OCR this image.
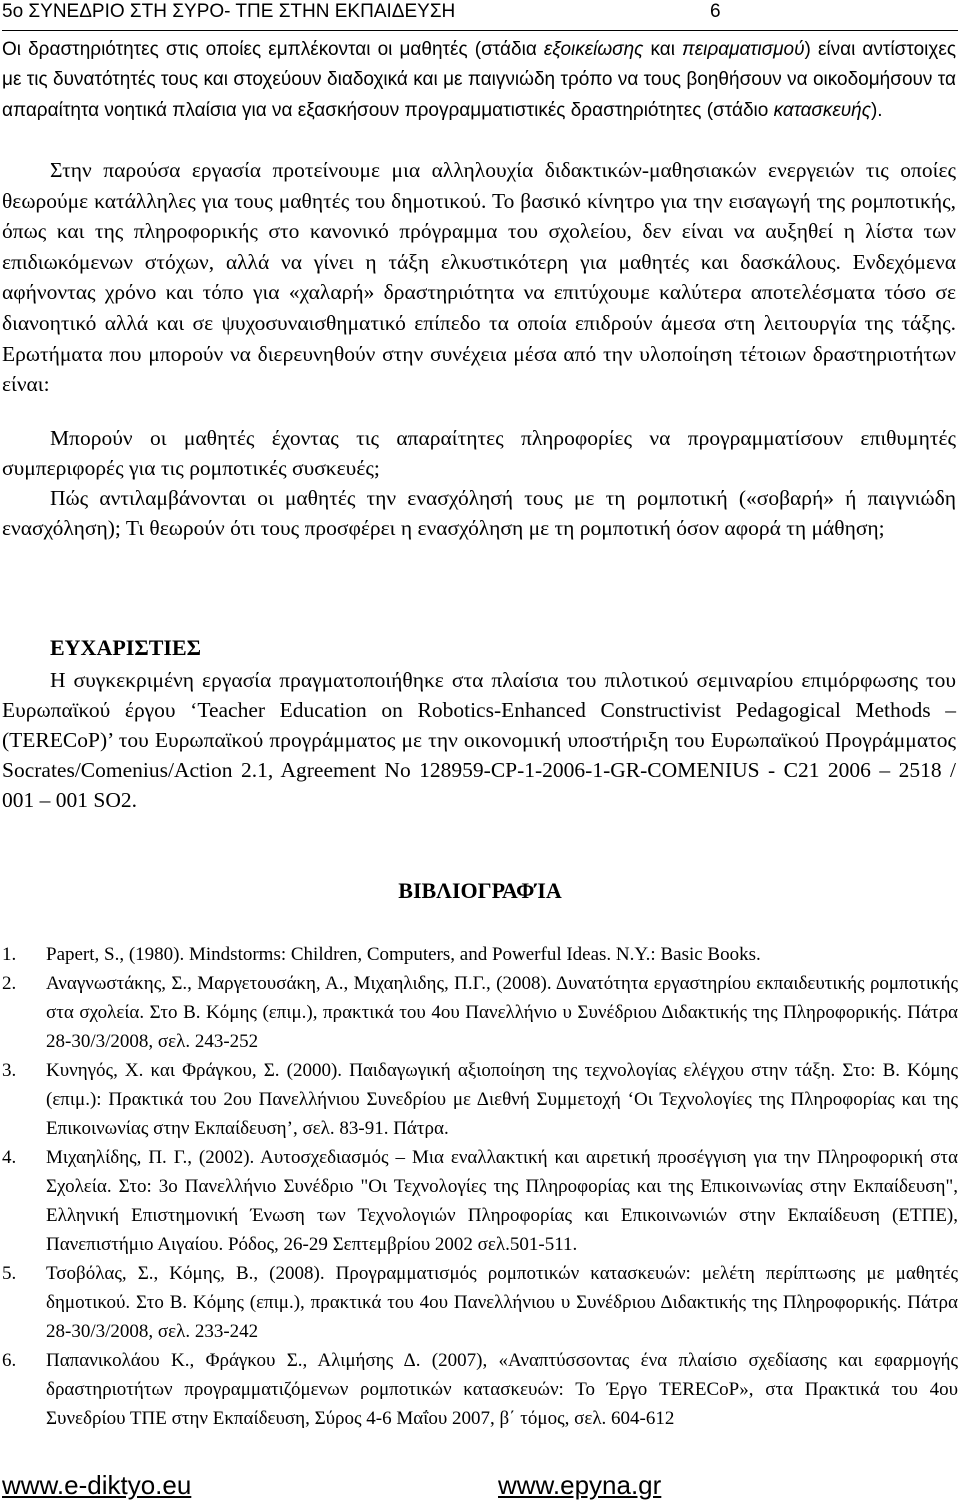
5ο ΣΥΝΕΔΡΙΟ ΣΤΗ ΣΥΡΟ- ΤΠΕ ΣΤΗΝ ΕΚΠΑΙΔΕΥΣΗ	6
Οι δραστηριότητες στις οποίες εμπλέκονται οι μαθητές (στάδια εξοικείωσης και πειραματισμού) είναι αντίστοιχες με τις δυνατότητές τους και στοχεύουν διαδοχικά και με παιγνιώδη τρόπο να τους βοηθήσουν να οικοδομήσουν τα απαραίτητα νοητικά πλαίσια για να εξασκήσουν προγραμματιστικές δραστηριότητες (στάδιο κατασκευής).
Στην παρούσα εργασία προτείνουμε μια αλληλουχία διδακτικών-μαθησιακών ενεργειών τις οποίες θεωρούμε κατάλληλες για τους μαθητές του δημοτικού. Το βασικό κίνητρο για την εισαγωγή της ρομποτικής, όπως και της πληροφορικής στο κανονικό πρόγραμμα του σχολείου, δεν είναι να αυξηθεί η λίστα των επιδιωκόμενων στόχων, αλλά να γίνει η τάξη ελκυστικότερη για μαθητές και δασκάλους. Ενδεχόμενα αφήνοντας χρόνο και τόπο για «χαλαρή» δραστηριότητα να επιτύχουμε καλύτερα αποτελέσματα τόσο σε διανοητικό αλλά και σε ψυχοσυναισθηματικό επίπεδο τα οποία επιδρούν άμεσα στη λειτουργία της τάξης. Ερωτήματα που μπορούν να διερευνηθούν στην συνέχεια μέσα από την υλοποίηση τέτοιων δραστηριοτήτων είναι:
Μπορούν οι μαθητές έχοντας τις απαραίτητες πληροφορίες να προγραμματίσουν επιθυμητές συμπεριφορές για τις ρομποτικές συσκευές;
Πώς αντιλαμβάνονται οι μαθητές την ενασχόλησή τους με τη ρομποτική («σοβαρή» ή παιγνιώδη ενασχόληση); Τι θεωρούν ότι τους προσφέρει η ενασχόληση με τη ρομποτική όσον αφορά τη μάθηση;
ΕΥΧΑΡΙΣΤΙΕΣ
Η συγκεκριμένη εργασία πραγματοποιήθηκε στα πλαίσια του πιλοτικού σεμιναρίου επιμόρφωσης του Ευρωπαϊκού έργου ‘Teacher Education on Robotics-Enhanced Constructivist Pedagogical Methods – (TERECoP)’ του Ευρωπαϊκού προγράμματος με την οικονομική υποστήριξη του Ευρωπαϊκού Προγράμματος Socrates/Comenius/Action 2.1, Agreement No 128959-CP-1-2006-1-GR-COMENIUS - C21 2006 – 2518 / 001 – 001 SO2.
ΒΙΒΛΙΟΓΡΑΦΊΑ
1. Papert, S., (1980). Mindstorms: Children, Computers, and Powerful Ideas. N.Y.: Basic Books.
2. Αναγνωστάκης, Σ., Μαργετουσάκη, Α., Μιχαηλιδης, Π.Γ., (2008). Δυνατότητα εργαστηρίου εκπαιδευτικής ρομποτικής στα σχολεία. Στο Β. Κόμης (επιμ.), πρακτικά του 4ου Πανελλήνιο υ Συνέδριου Διδακτικής της Πληροφορικής. Πάτρα 28-30/3/2008, σελ. 243-252
3. Κυνηγός, Χ. και Φράγκου, Σ. (2000). Παιδαγωγική αξιοποίηση της τεχνολογίας ελέγχου στην τάξη. Στο: Β. Κόμης (επιμ.): Πρακτικά του 2ου Πανελλήνιου Συνεδρίου με Διεθνή Συμμετοχή ‘Οι Τεχνολογίες της Πληροφορίας και της Επικοινωνίας στην Εκπαίδευση’, σελ. 83-91. Πάτρα.
4. Μιχαηλίδης, Π. Γ., (2002). Αυτοσχεδιασμός – Μια εναλλακτική και αιρετική προσέγγιση για την Πληροφορική στα Σχολεία. Στο: 3ο Πανελλήνιο Συνέδριο "Οι Τεχνολογίες της Πληροφορίας και της Επικοινωνίας στην Εκπαίδευση", Ελληνική Επιστημονική Ένωση των Τεχνολογιών Πληροφορίας και Επικοινωνιών στην Εκπαίδευση (ΕΤΠΕ), Πανεπιστήμιο Αιγαίου. Ρόδος, 26-29 Σεπτεμβρίου 2002 σελ.501-511.
5. Τσοβόλας, Σ., Κόμης, Β., (2008). Προγραμματισμός ρομποτικών κατασκευών: μελέτη περίπτωσης με μαθητές δημοτικού. Στο Β. Κόμης (επιμ.), πρακτικά του 4ου Πανελλήνιου υ Συνέδριου Διδακτικής της Πληροφορικής. Πάτρα 28-30/3/2008, σελ. 233-242
6. Παπανικολάου Κ., Φράγκου Σ., Αλιμήσης Δ. (2007), «Αναπτύσσοντας ένα πλαίσιο σχεδίασης και εφαρμογής δραστηριοτήτων προγραμματιζόμενων ρομποτικών κατασκευών: Το Έργο TERECoP», στα Πρακτικά του 4ου Συνεδρίου ΤΠΕ στην Εκπαίδευση, Σύρος 4-6 Μαΐου 2007, β΄ τόμος, σελ. 604-612
www.e-diktyo.eu	www.epyna.gr
